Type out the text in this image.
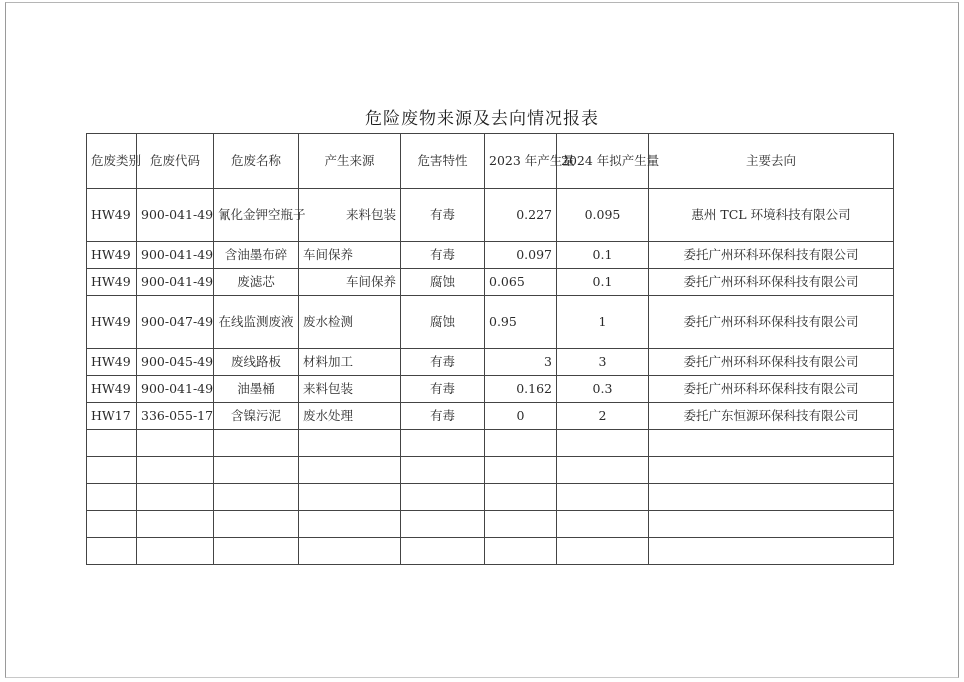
危险废物来源及去向情况报表
危废类别	危废代码	危废名称	产生来源	危害特性	2023 年产生量	2024 年拟产生量	主要去向
HW49	900-041-49	氰化金钾空瓶子	来料包装	有毒	0.227	0.095	惠州 TCL 环境科技有限公司
HW49	900-041-49	含油墨布碎	车间保养	有毒	0.097	0.1	委托广州环科环保科技有限公司
HW49	900-041-49	废滤芯	车间保养	腐蚀	0.065	0.1	委托广州环科环保科技有限公司
HW49	900-047-49	在线监测废液	废水检测	腐蚀	0.95	1	委托广州环科环保科技有限公司
HW49	900-045-49	废线路板	材料加工	有毒	3	3	委托广州环科环保科技有限公司
HW49	900-041-49	油墨桶	来料包装	有毒	0.162	0.3	委托广州环科环保科技有限公司
HW17	336-055-17	含镍污泥	废水处理	有毒	0	2	委托广东恒源环保科技有限公司
